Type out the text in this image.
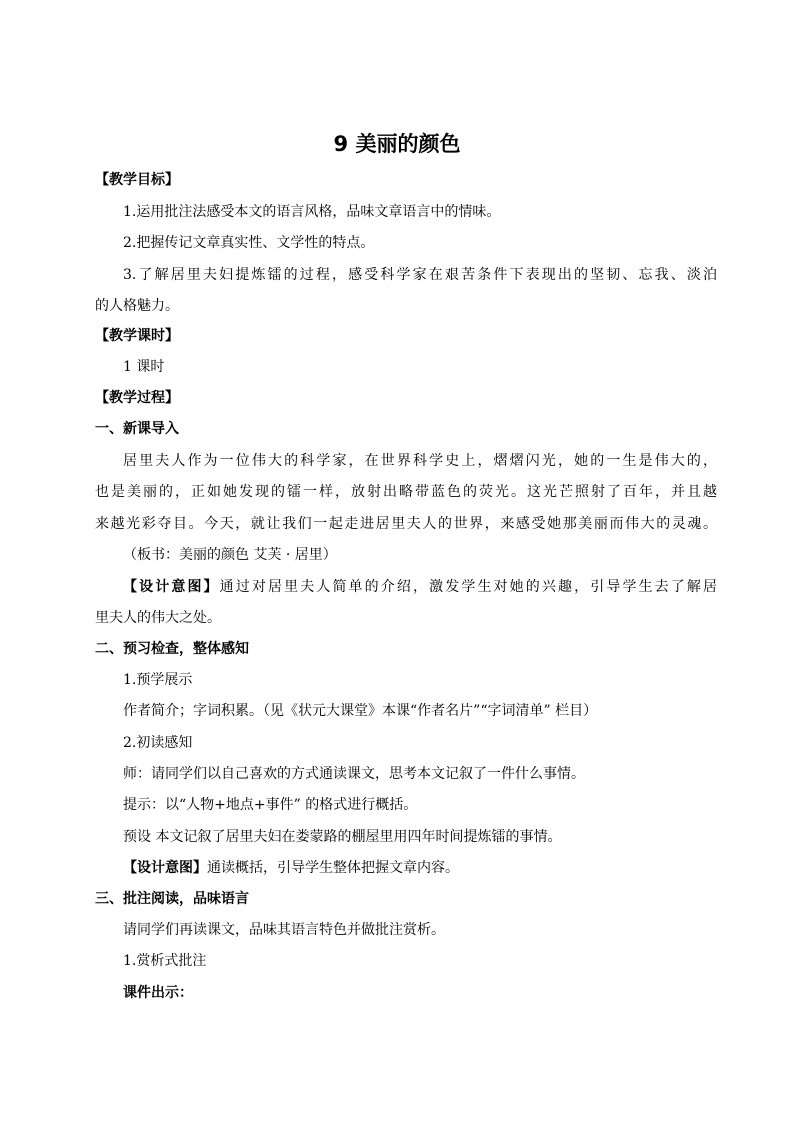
9 美丽的颜色
【教学目标】
1.运用批注法感受本文的语言风格，品味文章语言中的情味。
2.把握传记文章真实性、文学性的特点。
3.了解居里夫妇提炼镭的过程，感受科学家在艰苦条件下表现出的坚韧、忘我、淡泊
的人格魅力。
【教学课时】
1 课时
【教学过程】
一、新课导入
居里夫人作为一位伟大的科学家，在世界科学史上，熠熠闪光，她的一生是伟大的，
也是美丽的，正如她发现的镭一样，放射出略带蓝色的荧光。这光芒照射了百年，并且越
来越光彩夺目。今天，就让我们一起走进居里夫人的世界，来感受她那美丽而伟大的灵魂。
（板书：美丽的颜色 艾芙 · 居里）
【设计意图】通过对居里夫人简单的介绍，激发学生对她的兴趣，引导学生去了解居
里夫人的伟大之处。
二、预习检查，整体感知
1.预学展示
作者简介；字词积累。（见《状元大课堂》本课“作者名片”“字词清单” 栏目）
2.初读感知
师：请同学们以自己喜欢的方式通读课文，思考本文记叙了一件什么事情。
提示：以“人物+地点+事件” 的格式进行概括。
预设 本文记叙了居里夫妇在娄蒙路的棚屋里用四年时间提炼镭的事情。
【设计意图】通读概括，引导学生整体把握文章内容。
三、批注阅读，品味语言
请同学们再读课文，品味其语言特色并做批注赏析。
1.赏析式批注
课件出示：
